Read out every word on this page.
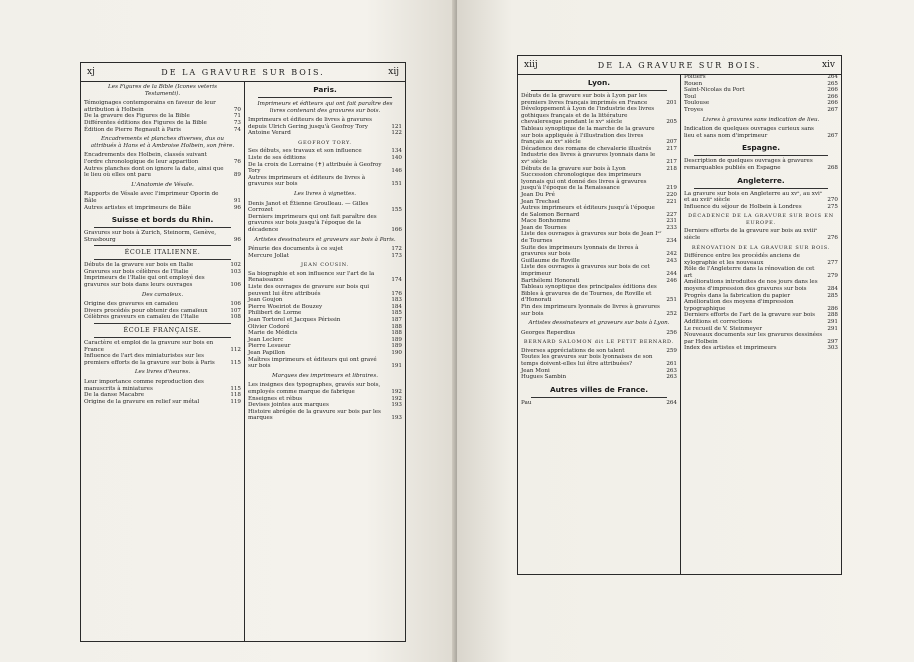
xj	DE LA GRAVURE SUR BOIS.	xij
Les Figures de la Bible (Icones veteris Testamenti).
Témoignages contemporains en faveur de leur attribution à Holbein	70
De la gravure des Figures de la Bible	71
Différentes éditions des Figures de la Bible	73
Édition de Pierre Regnault à Paris	74
Encadrements et planches diverses, dus ou attribués à Hans et à Ambroise Holbein, son frère.
Encadrements des Holbein, classés suivant l'ordre chronologique de leur apparition	76
Autres planches dont on ignore la date, ainsi que le lieu où elles ont paru	89
L'Anatomie de Vésale.
Rapports de Vésale avec l'imprimeur Oporin de Bâle	91
Autres artistes et imprimeurs de Bâle	96
Suisse et bords du Rhin.
Gravures sur bois à Zurich, Steinorm, Genève, Strasbourg	96
ÉCOLE ITALIENNE.
Débuts de la gravure sur bois en Italie	102
Gravures sur bois célèbres de l'Italie	103
Imprimeurs de l'Italie qui ont employé des gravures sur bois dans leurs ouvrages	106
Des camaïeux.
Origine des gravures en camaïeu	106
Divers procédés pour obtenir des camaïeux	107
Célèbres graveurs en camaïeu de l'Italie	108
ÉCOLE FRANÇAISE.
Caractère et emploi de la gravure sur bois en France	112
Influence de l'art des miniaturistes sur les premiers efforts de la gravure sur bois à Paris	115
Les livres d'heures.
Leur importance comme reproduction des manuscrits à miniatures	115
De la danse Macabre	118
Origine de la gravure en relief sur métal	119
Paris.
Imprimeurs et éditeurs qui ont fait paraître des livres contenant des gravures sur bois.
Imprimeurs et éditeurs de livres à gravures depuis Ulrich Gering jusqu'à Geofroy Tory	121
Antoine Verard	122
GEOFROY TORY.
Ses débuts, ses travaux et son influence	134
Liste de ses éditions	140
De la croix de Lorraine (✝) attribuée à Geofroy Tory	146
Autres imprimeurs et éditeurs de livres à gravures sur bois	151
Les livres à vignettes.
Denis Janot et Étienne Groulleau. — Gilles Corrozet	155
Derniers imprimeurs qui ont fait paraître des gravures sur bois jusqu'à l'époque de la décadence	166
Artistes dessinateurs et graveurs sur bois à Paris.
Pénurie des documents à ce sujet	172
Mercure Jollat	173
JEAN COUSIN.
Sa biographie et son influence sur l'art de la Renaissance	174
Liste des ouvrages de gravure sur bois qui peuvent lui être attribués	176
Jean Goujon	183
Pierre Woeiriot de Bouzey	184
Philibert de Lorme	185
Jean Tortorel et Jacques Périssin	187
Olivier Codoré	188
Marie de Médicis	188
Jean Leclerc	189
Pierre Lesueur	189
Jean Papillon	190
Maîtres imprimeurs et éditeurs qui ont gravé sur bois	191
Marques des imprimeurs et libraires.
Les insignes des typographes, gravés sur bois, employés comme marque de fabrique	192
Enseignes et rébus	192
Devises jointes aux marques	193
Histoire abrégée de la gravure sur bois par les marques	193
xiij	DE LA GRAVURE SUR BOIS.	xiv
Lyon.
Débuts de la gravure sur bois à Lyon par les premiers livres français imprimés en France	201
Développement à Lyon de l'industrie des livres gothiques français et de la littérature chevaleresque pendant le xvᵉ siècle	205
Tableau synoptique de la marche de la gravure sur bois appliquée à l'illustration des livres français au xvᵉ siècle	207
Décadence des romans de chevalerie illustrés	217
Industrie des livres à gravures lyonnais dans le xvᵉ siècle	217
Débuts de la gravure sur bois à Lyon	218
Succession chronologique des imprimeurs lyonnais qui ont donné des livres à gravures jusqu'à l'époque de la Renaissance	219
Jean Du Pré	220
Jean Trechsel	221
Autres imprimeurs et éditeurs jusqu'à l'époque de Salomon Bernard	227
Mace Bonhomme	231
Jean de Tournes	233
Liste des ouvrages à gravures sur bois de Jean Iᵉʳ de Tournes	234
Suite des imprimeurs lyonnais de livres à gravures sur bois	242
Guillaume de Roville	243
Liste des ouvrages à gravures sur bois de cet imprimeur	244
Barthélemi Honorati	246
Tableau synoptique des principales éditions des Bibles à gravures de de Tournes, de Roville et d'Honorati	251
Fin des imprimeurs lyonnais de livres à gravures sur bois	252
Artistes dessinateurs et graveurs sur bois à Lyon.
Georges Reperdius	256
BERNARD SALOMON dit LE PETIT BERNARD.
Diverses appréciations de son talent	259
Toutes les gravures sur bois lyonnaises de son temps doivent-elles lui être attribuées?	261
Jean Moni	263
Hugues Sambin	263
Autres villes de France.
Pau	264
Poitiers	264
Rouen	265
Saint-Nicolas du Port	266
Toul	266
Toulouse	266
Troyes	267
Livres à gravures sans indication de lieu.
Indication de quelques ouvrages curieux sans lieu et sans nom d'imprimeur	267
Espagne.
Description de quelques ouvrages à gravures remarquables publiés en Espagne	268
Angleterre.
La gravure sur bois en Angleterre au xvᵉ, au xviᵉ et au xviiᵉ siècle	270
Influence du séjour de Holbein à Londres	275
DÉCADENCE DE LA GRAVURE SUR BOIS EN EUROPE.
Derniers efforts de la gravure sur bois au xviiiᵉ siècle	276
RÉNOVATION DE LA GRAVURE SUR BOIS.
Différence entre les procédés anciens de xylographie et les nouveaux	277
Rôle de l'Angleterre dans la rénovation de cet art	279
Améliorations introduites de nos jours dans les moyens d'impression des gravures sur bois	284
Progrès dans la fabrication du papier	285
Amélioration des moyens d'impression typographique	286
Derniers efforts de l'art de la gravure sur bois	288
Additions et corrections	291
Le recueil de V. Steinmeyer	291
Nouveaux documents sur les gravures dessinées par Holbein	297
Index des artistes et imprimeurs	303
